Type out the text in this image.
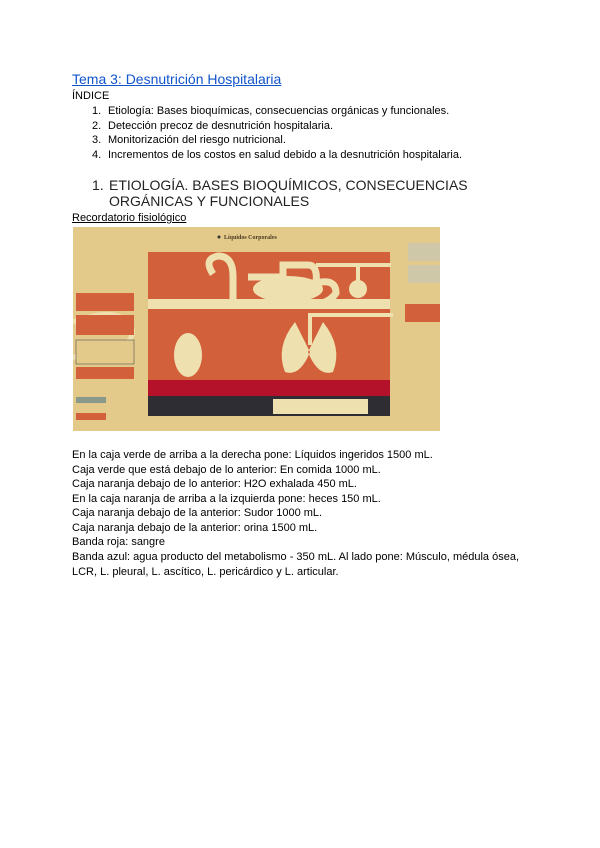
Tema 3: Desnutrición Hospitalaria
ÍNDICE
1. Etiología: Bases bioquímicas, consecuencias orgánicas y funcionales.
2. Detección precoz de desnutrición hospitalaria.
3. Monitorización del riesgo nutricional.
4. Incrementos de los costos en salud debido a la desnutrición hospitalaria.
1. ETIOLOGÍA. BASES BIOQUÍMICOS, CONSECUENCIAS ORGÁNICAS Y FUNCIONALES
Recordatorio fisiológico
Líquidos Corporales
En la caja verde de arriba a la derecha pone: Líquidos ingeridos 1500 mL.
Caja verde que está debajo de lo anterior: En comida 1000 mL.
Caja naranja debajo de lo anterior: H2O exhalada 450 mL.
En la caja naranja de arriba a la izquierda pone: heces 150 mL.
Caja naranja debajo de la anterior: Sudor 1000 mL.
Caja naranja debajo de la anterior: orina 1500 mL.
Banda roja: sangre
Banda azul: agua producto del metabolismo - 350 mL. Al lado pone: Músculo, médula ósea,
LCR, L. pleural, L. ascítico, L. pericárdico y L. articular.
